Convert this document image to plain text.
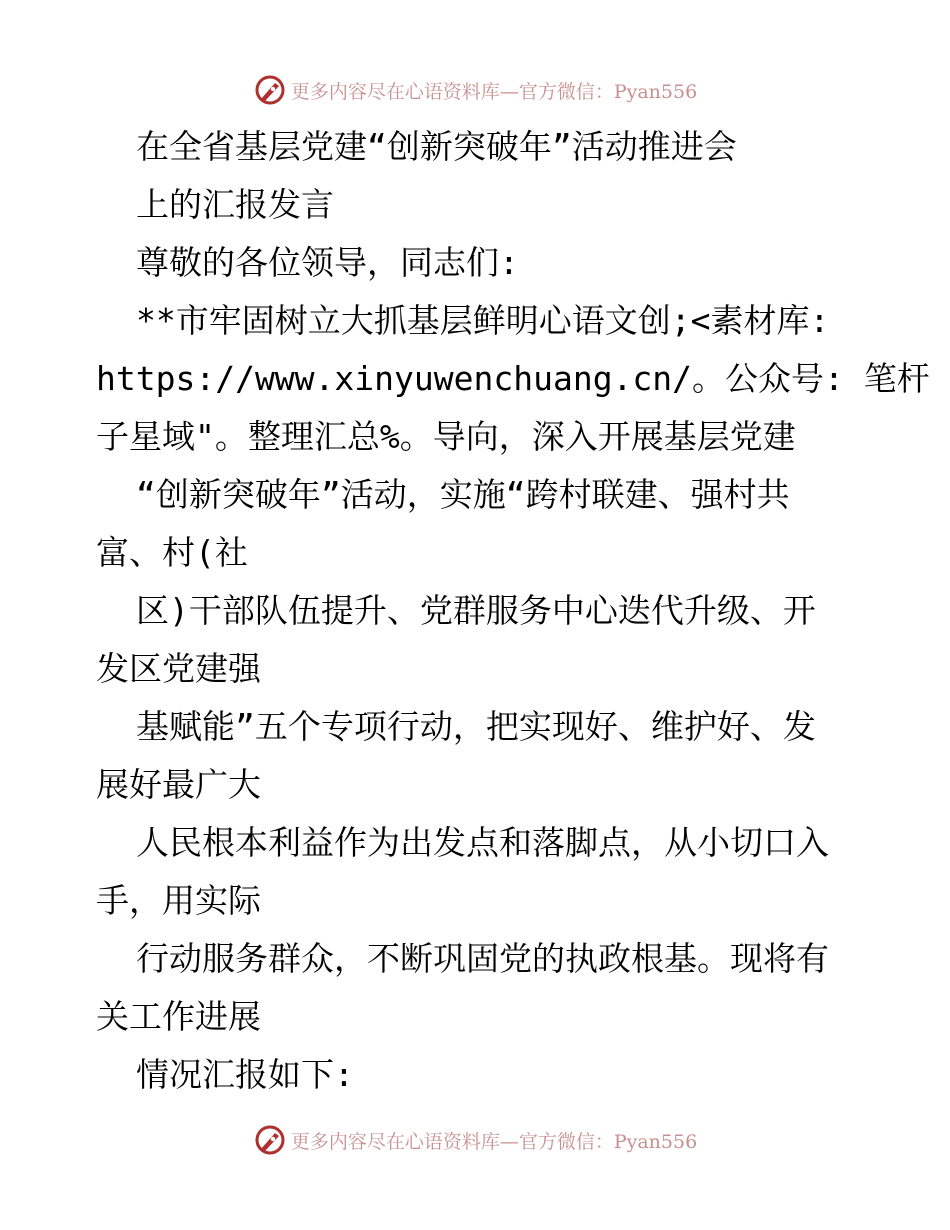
更多内容尽在心语资料库—官方微信：Pyan556
在全省基层党建“创新突破年”活动推进会
上的汇报发言
尊敬的各位领导，同志们:
**市牢固树立大抓基层鲜明心语文创;<素材库:
https://www.xinyuwenchuang.cn/。公众号: 笔杆
子星域"。整理汇总%。导向，深入开展基层党建
“创新突破年”活动，实施“跨村联建、强村共
富、村(社
区)干部队伍提升、党群服务中心迭代升级、开
发区党建强
基赋能”五个专项行动，把实现好、维护好、发
展好最广大
人民根本利益作为出发点和落脚点，从小切口入
手，用实际
行动服务群众，不断巩固党的执政根基。现将有
关工作进展
情况汇报如下:
更多内容尽在心语资料库—官方微信：Pyan556
